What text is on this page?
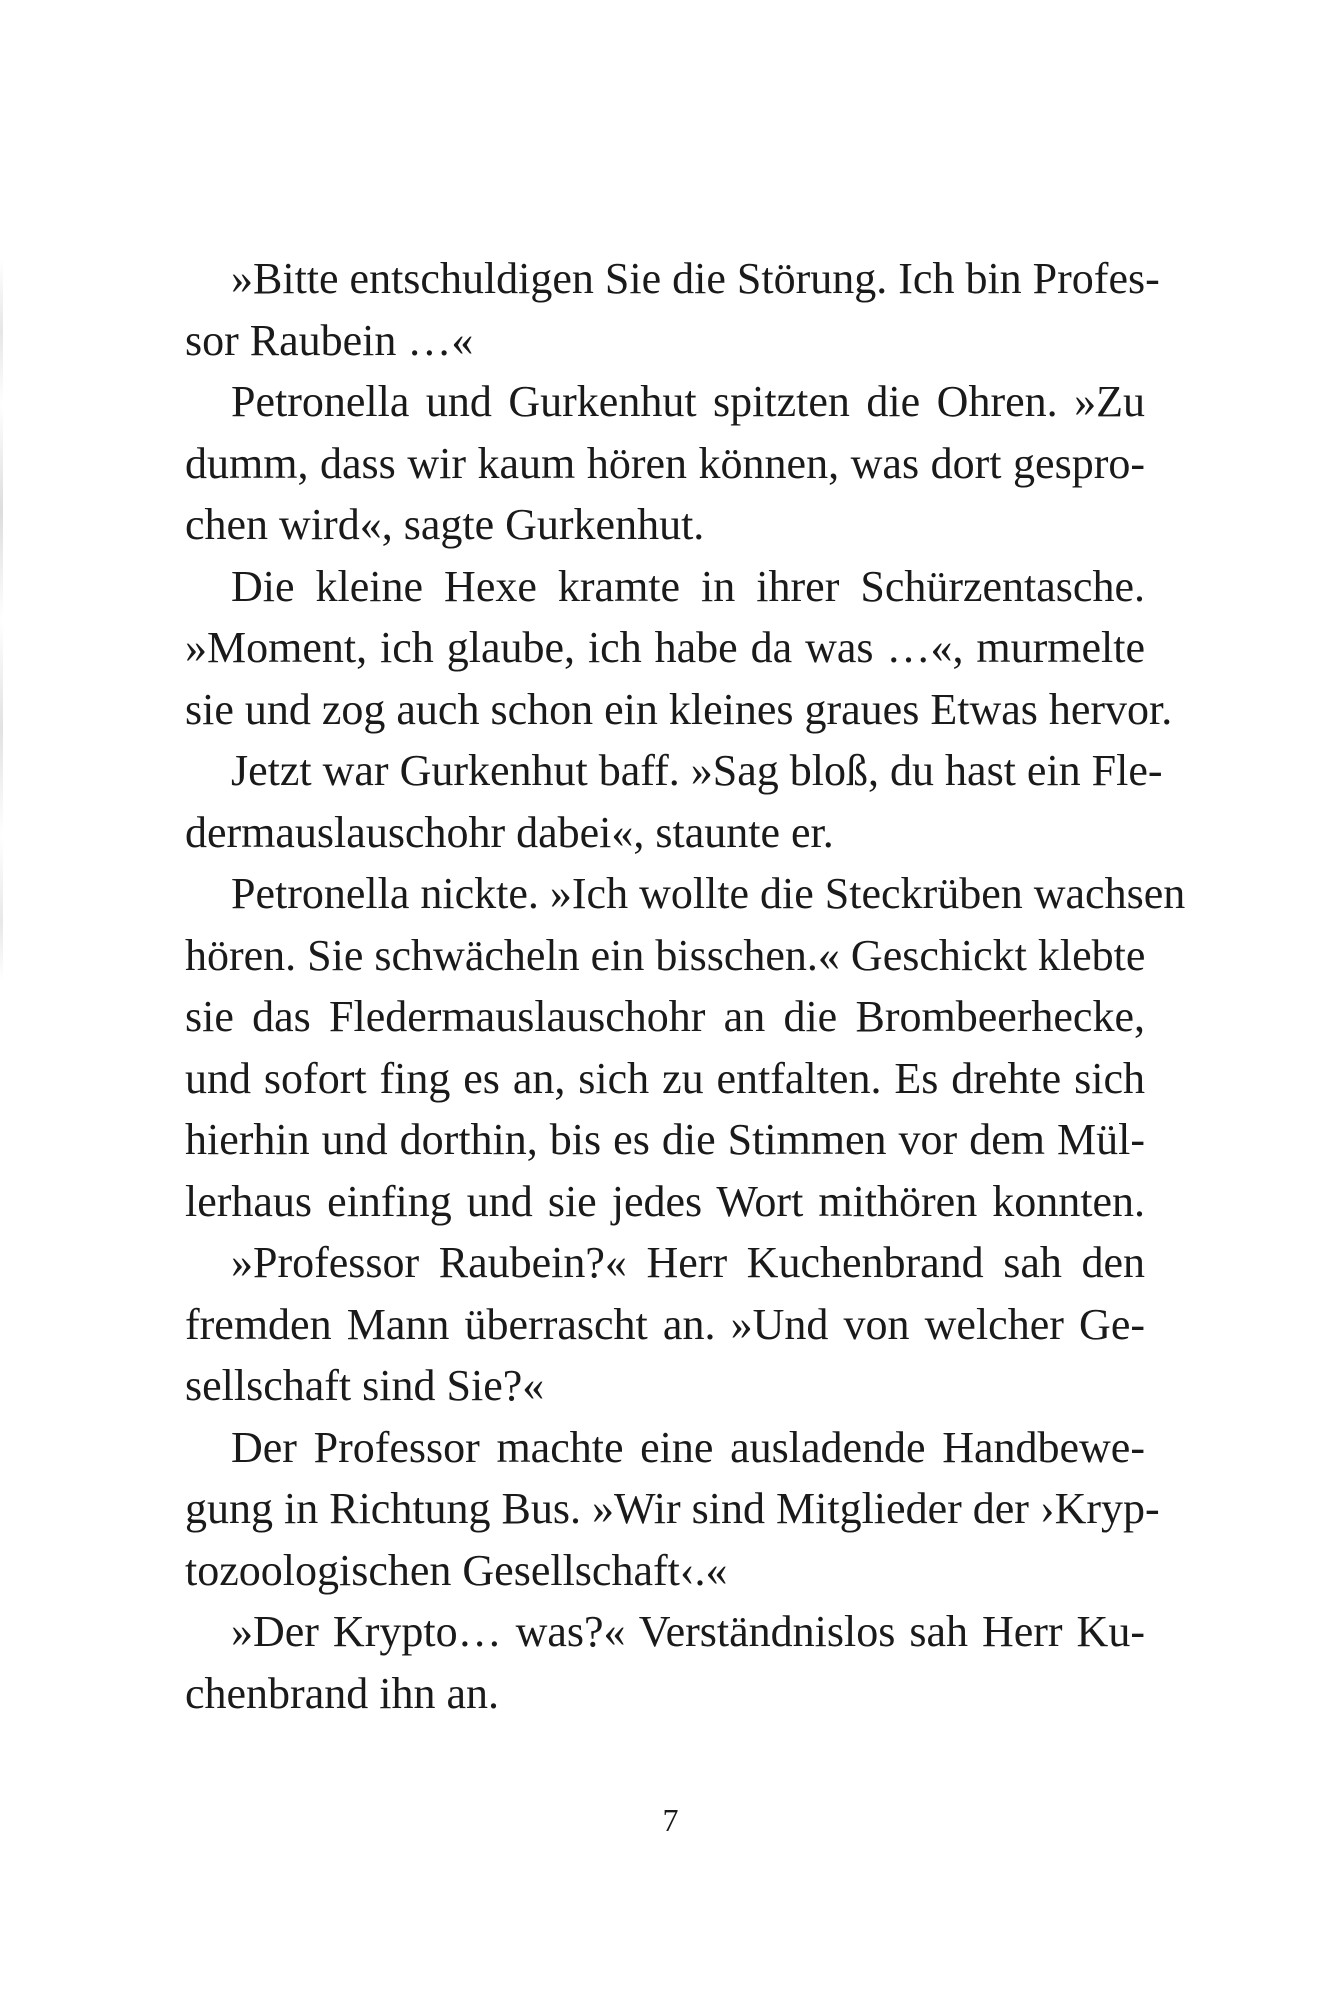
»Bitte entschuldigen Sie die Störung. Ich bin Profes-
sor Raubein …«
Petronella und Gurkenhut spitzten die Ohren. »Zu
dumm, dass wir kaum hören können, was dort gespro-
chen wird«, sagte Gurkenhut.
Die kleine Hexe kramte in ihrer Schürzentasche.
»Moment, ich glaube, ich habe da was …«, murmelte
sie und zog auch schon ein kleines graues Etwas hervor.
Jetzt war Gurkenhut baff. »Sag bloß, du hast ein Fle-
dermauslauschohr dabei«, staunte er.
Petronella nickte. »Ich wollte die Steckrüben wachsen
hören. Sie schwächeln ein bisschen.« Geschickt klebte
sie das Fledermauslauschohr an die Brombeerhecke,
und sofort fing es an, sich zu entfalten. Es drehte sich
hierhin und dorthin, bis es die Stimmen vor dem Mül-
lerhaus einfing und sie jedes Wort mithören konnten.
»Professor Raubein?« Herr Kuchenbrand sah den
fremden Mann überrascht an. »Und von welcher Ge-
sellschaft sind Sie?«
Der Professor machte eine ausladende Handbewe-
gung in Richtung Bus. »Wir sind Mitglieder der ›Kryp-
tozoologischen Gesellschaft‹.«
»Der Krypto… was?« Verständnislos sah Herr Ku-
chenbrand ihn an.
7
